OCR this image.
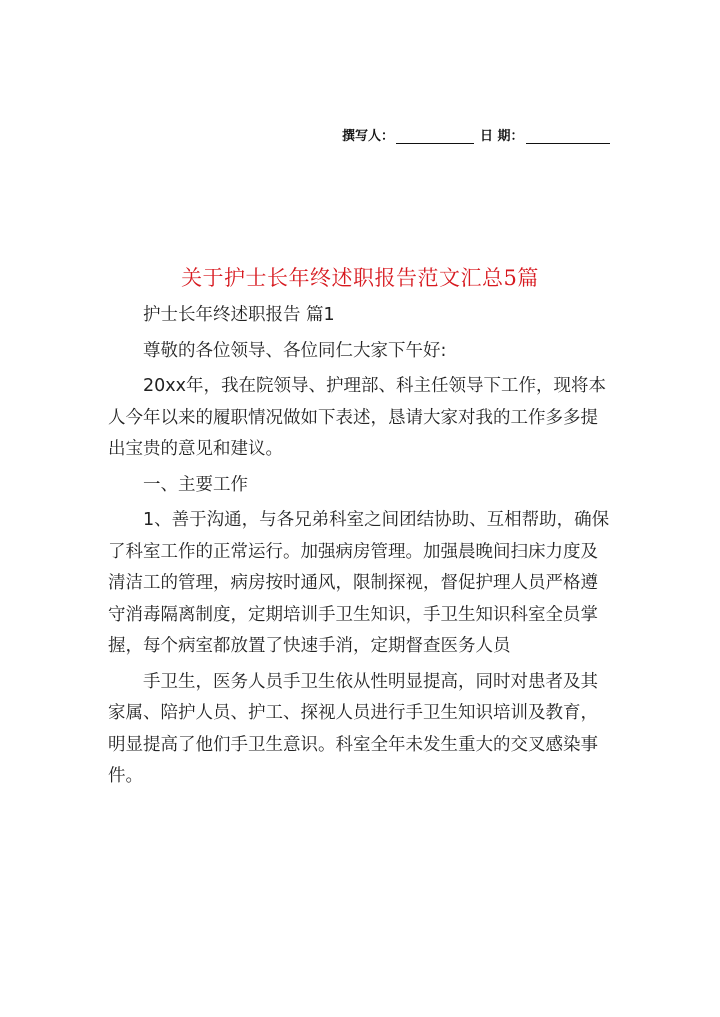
撰写人：	日 期：
关于护士长年终述职报告范文汇总5篇

护士长年终述职报告 篇1

尊敬的各位领导、各位同仁大家下午好:

20xx年，我在院领导、护理部、科主任领导下工作，现将本人今年以来的履职情况做如下表述，恳请大家对我的工作多多提出宝贵的意见和建议。

一、主要工作

1、善于沟通，与各兄弟科室之间团结协助、互相帮助，确保了科室工作的正常运行。加强病房管理。加强晨晚间扫床力度及清洁工的管理，病房按时通风，限制探视，督促护理人员严格遵守消毒隔离制度，定期培训手卫生知识，手卫生知识科室全员掌握，每个病室都放置了快速手消，定期督查医务人员

手卫生，医务人员手卫生依从性明显提高，同时对患者及其家属、陪护人员、护工、探视人员进行手卫生知识培训及教育，明显提高了他们手卫生意识。科室全年未发生重大的交叉感染事件。
